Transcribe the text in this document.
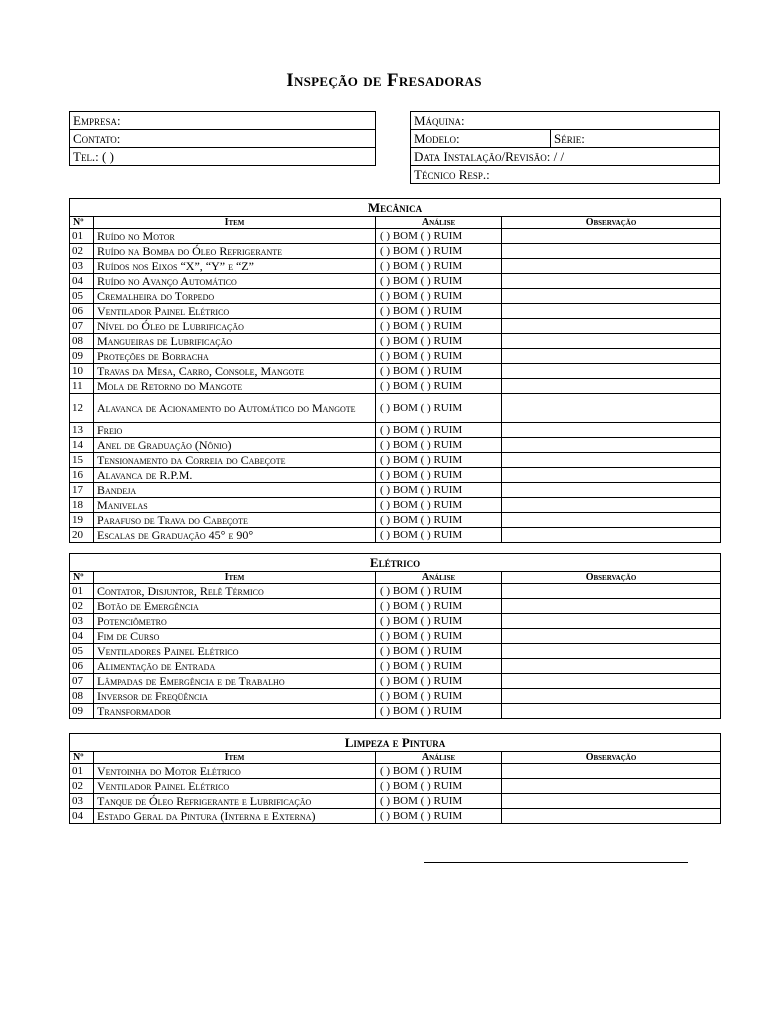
Inspeção de Fresadoras
Empresa:
Contato:
Tel.: ( )
Máquina:
Modelo:	Série:
Data Instalação/Revisão: / /
Técnico Resp.:
Mecânica			
Nº	Item	Análise	Observação
01	Ruído no Motor	( ) BOM ( ) RUIM	
02	Ruído na Bomba do Óleo Refrigerante	( ) BOM ( ) RUIM	
03	Ruídos nos Eixos “X”, “Y” e “Z”	( ) BOM ( ) RUIM	
04	Ruído no Avanço Automático	( ) BOM ( ) RUIM	
05	Cremalheira do Torpedo	( ) BOM ( ) RUIM	
06	Ventilador Painel Elétrico	( ) BOM ( ) RUIM	
07	Nível do Óleo de Lubrificação	( ) BOM ( ) RUIM	
08	Mangueiras de Lubrificação	( ) BOM ( ) RUIM	
09	Proteções de Borracha	( ) BOM ( ) RUIM	
10	Travas da Mesa, Carro, Console, Mangote	( ) BOM ( ) RUIM	
11	Mola de Retorno do Mangote	( ) BOM ( ) RUIM	
12	Alavanca de Acionamento do Automático do Mangote	( ) BOM ( ) RUIM	
13	Freio	( ) BOM ( ) RUIM	
14	Anel de Graduação (Nônio)	( ) BOM ( ) RUIM	
15	Tensionamento da Correia do Cabeçote	( ) BOM ( ) RUIM	
16	Alavanca de R.P.M.	( ) BOM ( ) RUIM	
17	Bandeja	( ) BOM ( ) RUIM	
18	Manivelas	( ) BOM ( ) RUIM	
19	Parafuso de Trava do Cabeçote	( ) BOM ( ) RUIM	
20	Escalas de Graduação 45° e 90°	( ) BOM ( ) RUIM	
Elétrico			
Nº	Item	Análise	Observação
01	Contator, Disjuntor, Relê Térmico	( ) BOM ( ) RUIM	
02	Botão de Emergência	( ) BOM ( ) RUIM	
03	Potenciômetro	( ) BOM ( ) RUIM	
04	Fim de Curso	( ) BOM ( ) RUIM	
05	Ventiladores Painel Elétrico	( ) BOM ( ) RUIM	
06	Alimentação de Entrada	( ) BOM ( ) RUIM	
07	Lâmpadas de Emergência e de Trabalho	( ) BOM ( ) RUIM	
08	Inversor de Freqüência	( ) BOM ( ) RUIM	
09	Transformador	( ) BOM ( ) RUIM	
Limpeza e Pintura			
Nº	Item	Análise	Observação
01	Ventoinha do Motor Elétrico	( ) BOM ( ) RUIM	
02	Ventilador Painel Elétrico	( ) BOM ( ) RUIM	
03	Tanque de Óleo Refrigerante e Lubrificação	( ) BOM ( ) RUIM	
04	Estado Geral da Pintura (Interna e Externa)	( ) BOM ( ) RUIM	
